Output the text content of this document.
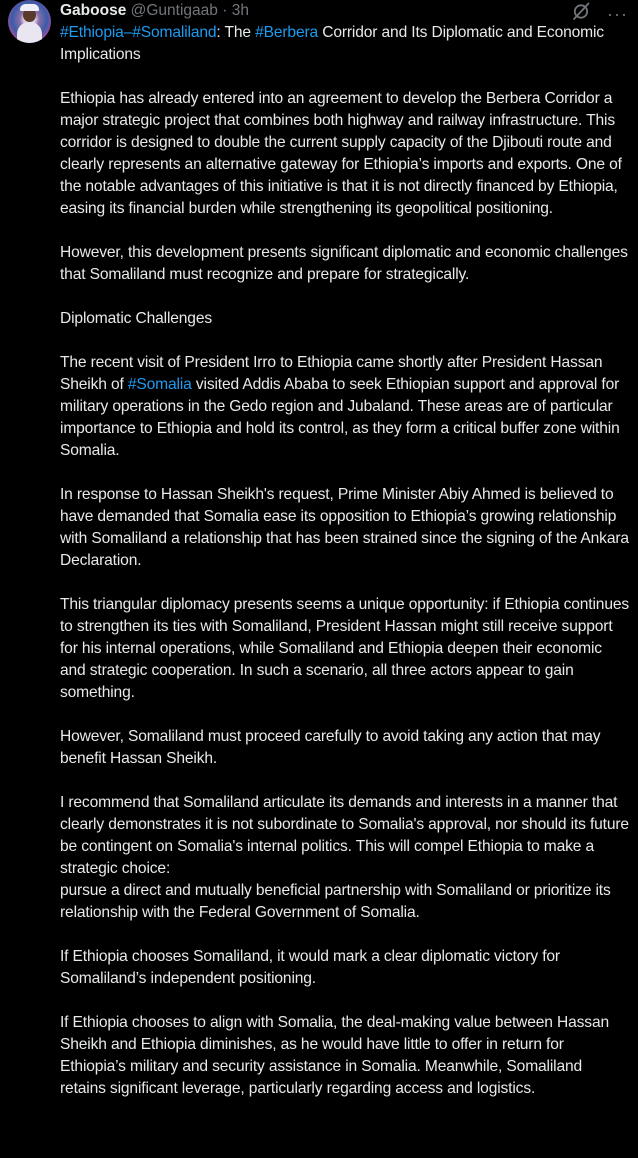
Gaboose @Guntigaab · 3h	···

#Ethiopia–#Somaliland: The #Berbera Corridor and Its Diplomatic and Economic Implications

Ethiopia has already entered into an agreement to develop the Berbera Corridor a major strategic project that combines both highway and railway infrastructure. This corridor is designed to double the current supply capacity of the Djibouti route and clearly represents an alternative gateway for Ethiopia’s imports and exports. One of the notable advantages of this initiative is that it is not directly financed by Ethiopia, easing its financial burden while strengthening its geopolitical positioning.

However, this development presents significant diplomatic and economic challenges that Somaliland must recognize and prepare for strategically.

Diplomatic Challenges

The recent visit of President Irro to Ethiopia came shortly after President Hassan Sheikh of #Somalia visited Addis Ababa to seek Ethiopian support and approval for military operations in the Gedo region and Jubaland. These areas are of particular importance to Ethiopia and hold its control, as they form a critical buffer zone within Somalia.

In response to Hassan Sheikh's request, Prime Minister Abiy Ahmed is believed to have demanded that Somalia ease its opposition to Ethiopia’s growing relationship with Somaliland a relationship that has been strained since the signing of the Ankara Declaration.

This triangular diplomacy presents seems a unique opportunity: if Ethiopia continues to strengthen its ties with Somaliland, President Hassan might still receive support for his internal operations, while Somaliland and Ethiopia deepen their economic and strategic cooperation. In such a scenario, all three actors appear to gain something.

However, Somaliland must proceed carefully to avoid taking any action that may benefit Hassan Sheikh.

I recommend that Somaliland articulate its demands and interests in a manner that clearly demonstrates it is not subordinate to Somalia's approval, nor should its future be contingent on Somalia's internal politics. This will compel Ethiopia to make a strategic choice:
pursue a direct and mutually beneficial partnership with Somaliland or prioritize its relationship with the Federal Government of Somalia.

If Ethiopia chooses Somaliland, it would mark a clear diplomatic victory for Somaliland’s independent positioning.

If Ethiopia chooses to align with Somalia, the deal-making value between Hassan Sheikh and Ethiopia diminishes, as he would have little to offer in return for Ethiopia’s military and security assistance in Somalia. Meanwhile, Somaliland retains significant leverage, particularly regarding access and logistics.
